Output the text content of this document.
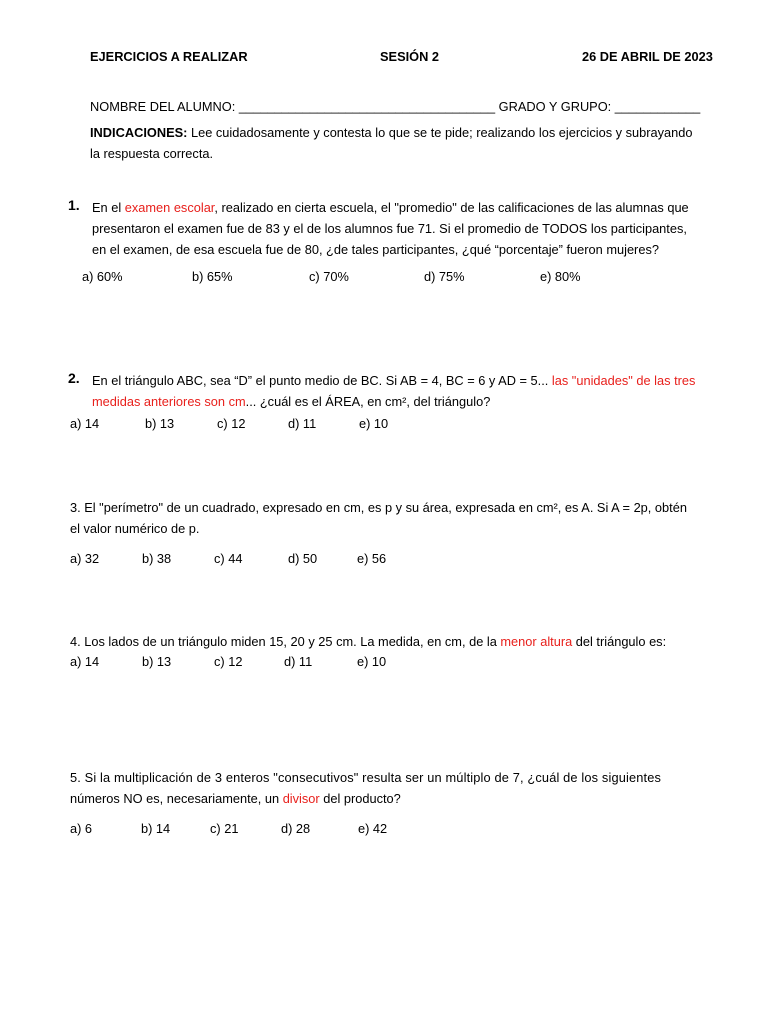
EJERCICIOS A REALIZAR	SESIÓN 2	26 DE ABRIL DE 2023
NOMBRE DEL ALUMNO: ____________________________________ GRADO Y GRUPO: ____________
INDICACIONES: Lee cuidadosamente y contesta lo que se te pide; realizando los ejercicios y subrayando
la respuesta correcta.
1. En el examen escolar, realizado en cierta escuela, el "promedio" de las calificaciones de las alumnas que
presentaron el examen fue de 83 y el de los alumnos fue 71. Si el promedio de TODOS los participantes,
en el examen, de esa escuela fue de 80, ¿de tales participantes, ¿qué “porcentaje” fueron mujeres?
a) 60%	b) 65%	c) 70%	d) 75%	e) 80%
2. En el triángulo ABC, sea “D” el punto medio de BC. Si AB = 4, BC = 6 y AD = 5... las "unidades" de las tres
medidas anteriores son cm... ¿cuál es el ÁREA, en cm², del triángulo?
a) 14	b) 13	c) 12	d) 11	e) 10
3. El "perímetro" de un cuadrado, expresado en cm, es p y su área, expresada en cm², es A. Si A = 2p, obtén
el valor numérico de p.
a) 32	b) 38	c) 44	d) 50	e) 56
4. Los lados de un triángulo miden 15, 20 y 25 cm. La medida, en cm, de la menor altura del triángulo es:
a) 14	b) 13	c) 12	d) 11	e) 10
5. Si la multiplicación de 3 enteros "consecutivos" resulta ser un múltiplo de 7, ¿cuál de los siguientes
números NO es, necesariamente, un divisor del producto?
a) 6	b) 14	c) 21	d) 28	e) 42
